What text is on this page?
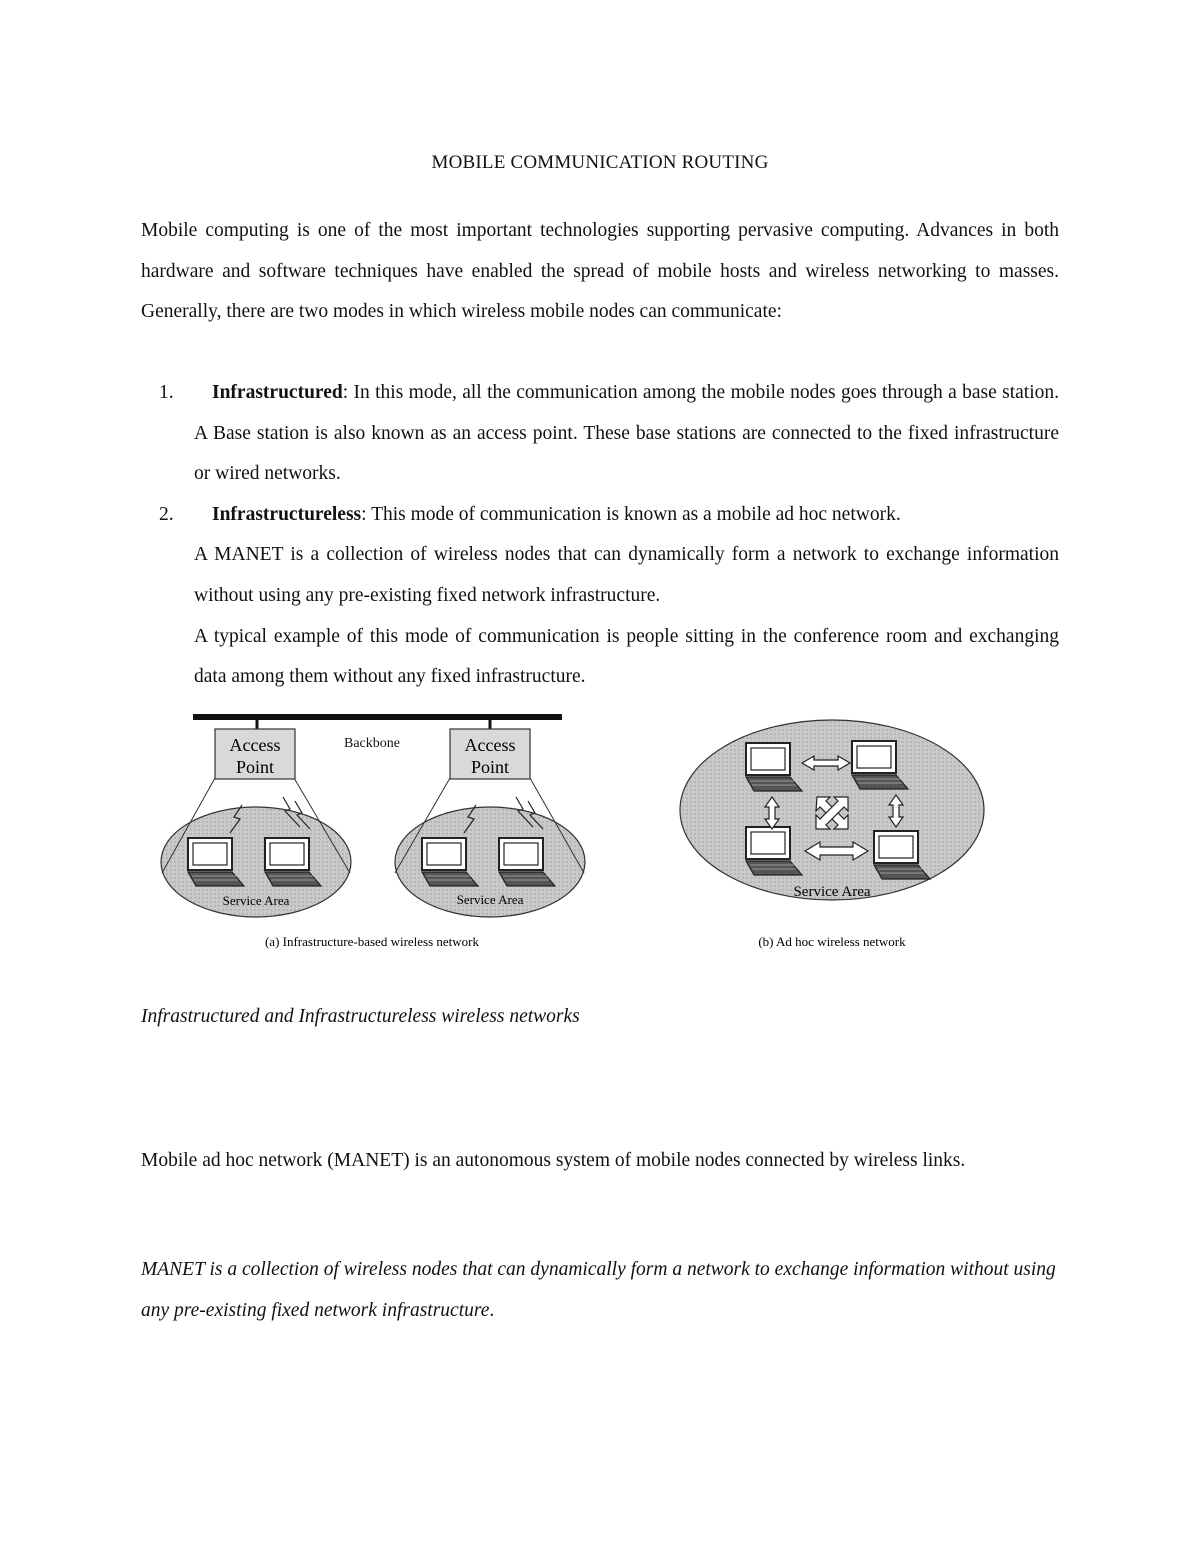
MOBILE COMMUNICATION ROUTING

Mobile computing is one of the most important technologies supporting pervasive computing. Advances in both hardware and software techniques have enabled the spread of mobile hosts and wireless networking to masses. Generally, there are two modes in which wireless mobile nodes can communicate:

1. Infrastructured: In this mode, all the communication among the mobile nodes goes through a base station. A Base station is also known as an access point. These base stations are connected to the fixed infrastructure or wired networks.
2. Infrastructureless: This mode of communication is known as a mobile ad hoc network.
A MANET is a collection of wireless nodes that can dynamically form a network to exchange information without using any pre-existing fixed network infrastructure.
A typical example of this mode of communication is people sitting in the conference room and exchanging data among them without any fixed infrastructure.
Backbone
Access
Point
Service Area
Access
Point
Service Area
(a) Infrastructure-based wireless network
Service Area
(b) Ad hoc wireless network

Infrastructured and Infrastructureless wireless networks

Mobile ad hoc network (MANET) is an autonomous system of mobile nodes connected by wireless links.

MANET is a collection of wireless nodes that can dynamically form a network to exchange information without using any pre-existing fixed network infrastructure.
